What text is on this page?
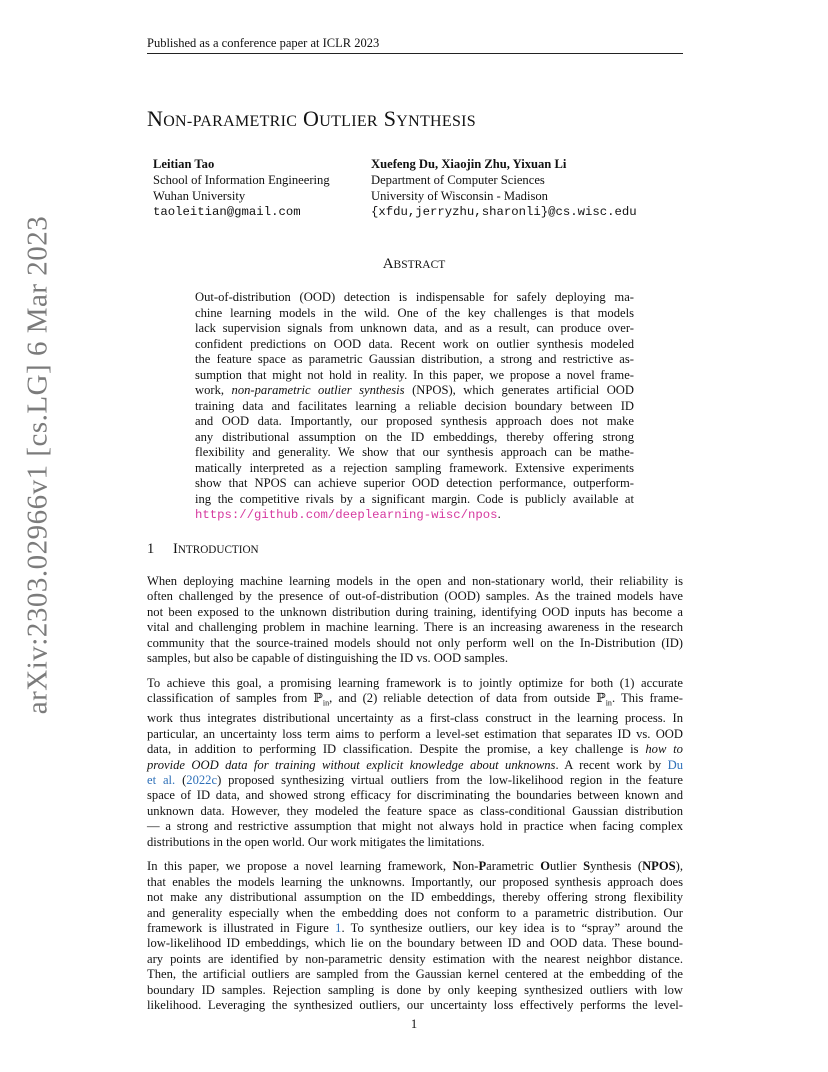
Published as a conference paper at ICLR 2023
arXiv:2303.02966v1 [cs.LG] 6 Mar 2023
NON-PARAMETRIC OUTLIER SYNTHESIS
Leitian Tao
School of Information Engineering
Wuhan University
taoleitian@gmail.com
Xuefeng Du, Xiaojin Zhu, Yixuan Li
Department of Computer Sciences
University of Wisconsin - Madison
{xfdu,jerryzhu,sharonli}@cs.wisc.edu
ABSTRACT
Out-of-distribution (OOD) detection is indispensable for safely deploying ma-
chine learning models in the wild. One of the key challenges is that models
lack supervision signals from unknown data, and as a result, can produce over-
confident predictions on OOD data. Recent work on outlier synthesis modeled
the feature space as parametric Gaussian distribution, a strong and restrictive as-
sumption that might not hold in reality. In this paper, we propose a novel frame-
work, non-parametric outlier synthesis (NPOS), which generates artificial OOD
training data and facilitates learning a reliable decision boundary between ID
and OOD data. Importantly, our proposed synthesis approach does not make
any distributional assumption on the ID embeddings, thereby offering strong
flexibility and generality. We show that our synthesis approach can be mathe-
matically interpreted as a rejection sampling framework. Extensive experiments
show that NPOS can achieve superior OOD detection performance, outperform-
ing the competitive rivals by a significant margin. Code is publicly available at
https://github.com/deeplearning-wisc/npos.
1 INTRODUCTION

When deploying machine learning models in the open and non-stationary world, their reliability is
often challenged by the presence of out-of-distribution (OOD) samples. As the trained models have
not been exposed to the unknown distribution during training, identifying OOD inputs has become a
vital and challenging problem in machine learning. There is an increasing awareness in the research
community that the source-trained models should not only perform well on the In-Distribution (ID)
samples, but also be capable of distinguishing the ID vs. OOD samples.

To achieve this goal, a promising learning framework is to jointly optimize for both (1) accurate
classification of samples from ℙ$_{in}$, and (2) reliable detection of data from outside ℙ$_{in}$. This frame-
work thus integrates distributional uncertainty as a first-class construct in the learning process. In
particular, an uncertainty loss term aims to perform a level-set estimation that separates ID vs. OOD
data, in addition to performing ID classification. Despite the promise, a key challenge is how to
provide OOD data for training without explicit knowledge about unknowns. A recent work by Du
et al. (2022c) proposed synthesizing virtual outliers from the low-likelihood region in the feature
space of ID data, and showed strong efficacy for discriminating the boundaries between known and
unknown data. However, they modeled the feature space as class-conditional Gaussian distribution
— a strong and restrictive assumption that might not always hold in practice when facing complex
distributions in the open world. Our work mitigates the limitations.

In this paper, we propose a novel learning framework, Non-Parametric Outlier Synthesis (NPOS),
that enables the models learning the unknowns. Importantly, our proposed synthesis approach does
not make any distributional assumption on the ID embeddings, thereby offering strong flexibility
and generality especially when the embedding does not conform to a parametric distribution. Our
framework is illustrated in Figure 1. To synthesize outliers, our key idea is to “spray” around the
low-likelihood ID embeddings, which lie on the boundary between ID and OOD data. These bound-
ary points are identified by non-parametric density estimation with the nearest neighbor distance.
Then, the artificial outliers are sampled from the Gaussian kernel centered at the embedding of the
boundary ID samples. Rejection sampling is done by only keeping synthesized outliers with low
likelihood. Leveraging the synthesized outliers, our uncertainty loss effectively performs the level-

1
